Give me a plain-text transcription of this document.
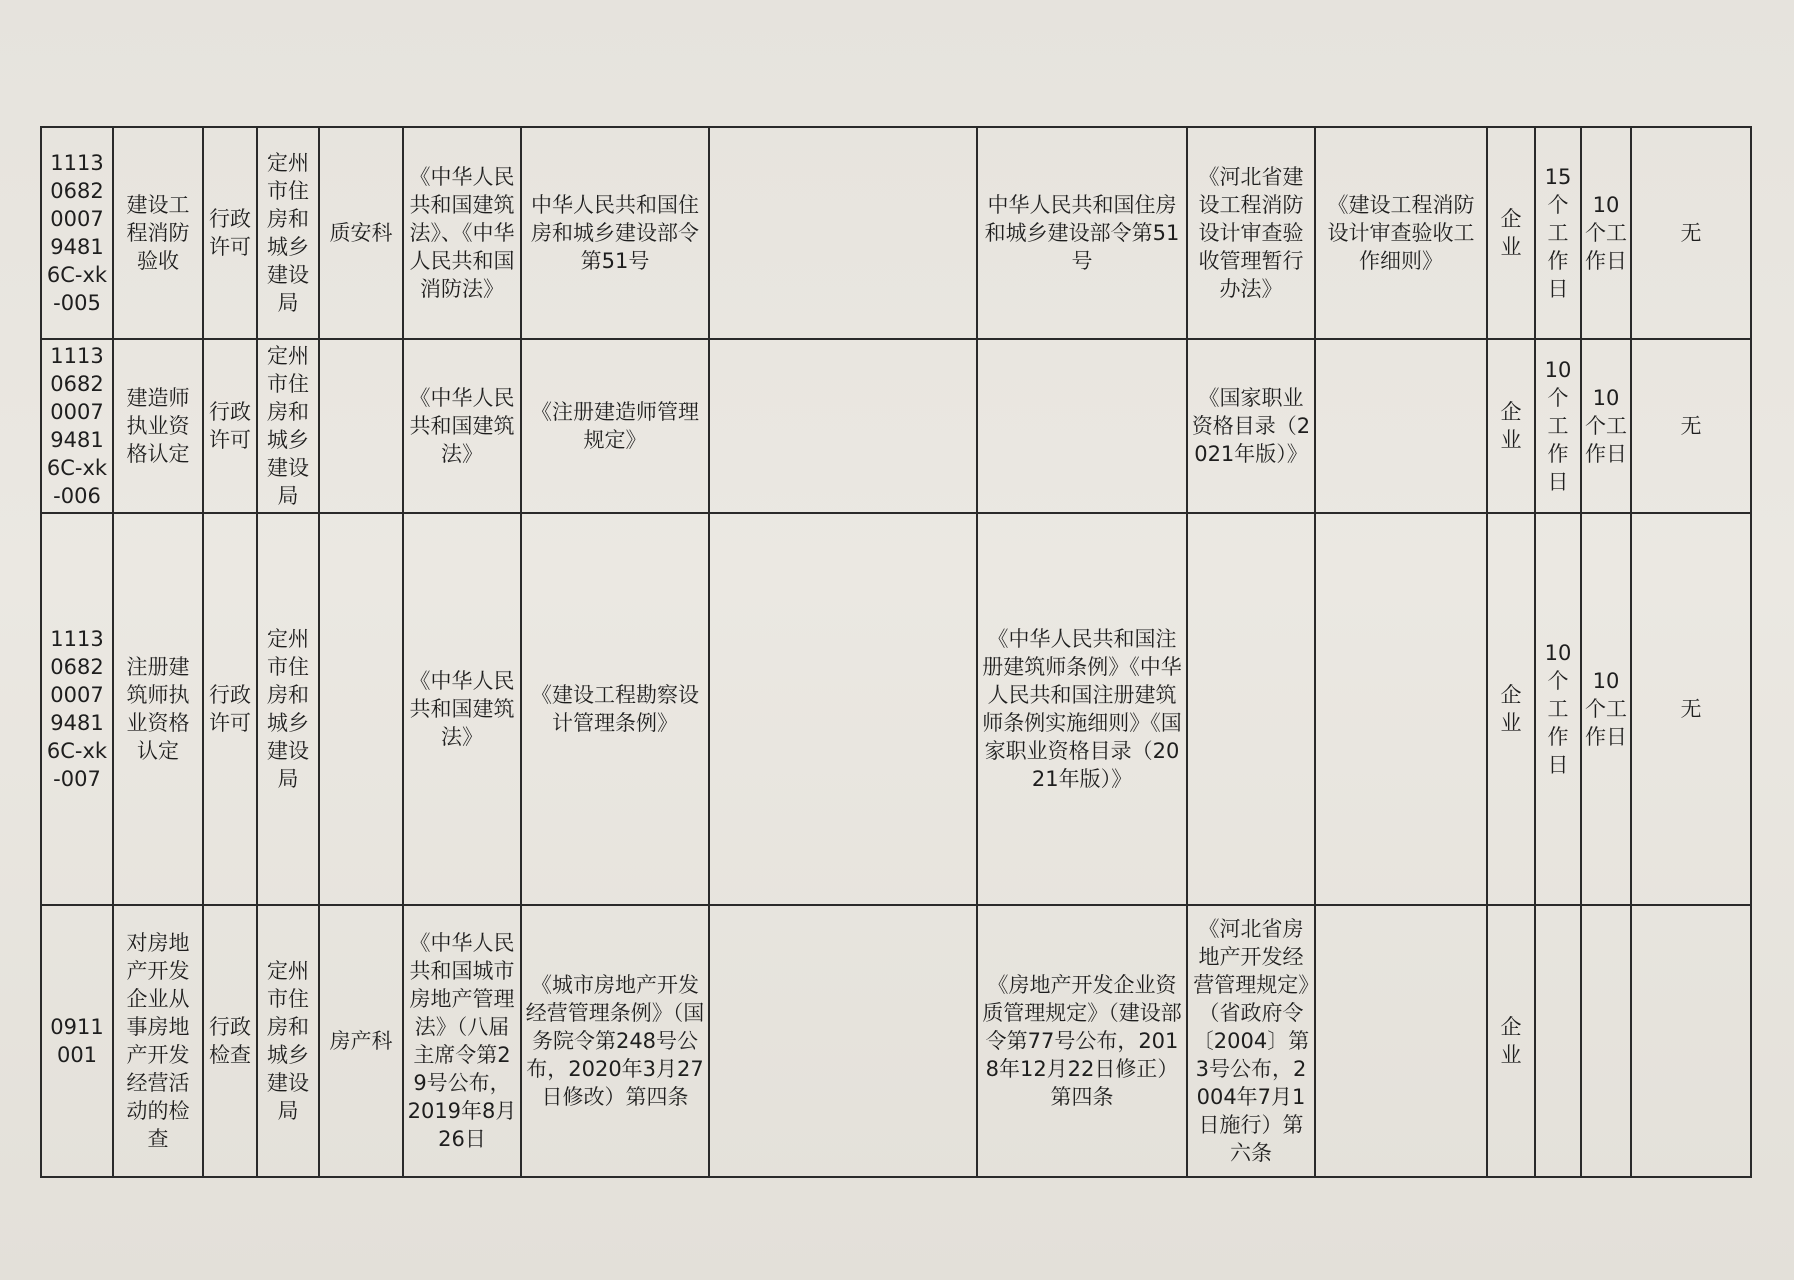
1113068200079481 6C-xk-005	建设工程消防验收	行政许可	定州市住房和城乡建设局	质安科	《中华人民共和国建筑法》、《中华人民共和国消防法》	中华人民共和国住房和城乡建设部令第51号		中华人民共和国住房和城乡建设部令第51号	《河北省建设工程消防设计审查验收管理暂行办法》	《建设工程消防设计审查验收工作细则》	企业	15个工作日	10个工作日	无
1113068200079481 6C-xk-006	建造师执业资格认定	行政许可	定州市住房和城乡建设局		《中华人民共和国建筑法》	《注册建造师管理规定》			《国家职业资格目录（2021年版）》		企业	10个工作日	10个工作日	无
1113068200079481 6C-xk-007	注册建筑师执业资格认定	行政许可	定州市住房和城乡建设局		《中华人民共和国建筑法》	《建设工程勘察设计管理条例》		《中华人民共和国注册建筑师条例》《中华人民共和国注册建筑师条例实施细则》《国家职业资格目录（2021年版）》			企业	10个工作日	10个工作日	无
0911001	对房地产开发企业从事房地产开发经营活动的检查	行政检查	定州市住房和城乡建设局	房产科	《中华人民共和国城市房地产管理法》（八届主席令第29号公布，2019年8月26日	《城市房地产开发经营管理条例》（国务院令第248号公布，2020年3月27日修改）第四条		《房地产开发企业资质管理规定》（建设部令第77号公布，2018年12月22日修正）第四条	《河北省房地产开发经营管理规定》（省政府令〔2004〕第3号公布，2004年7月1日施行）第六条		企业			
